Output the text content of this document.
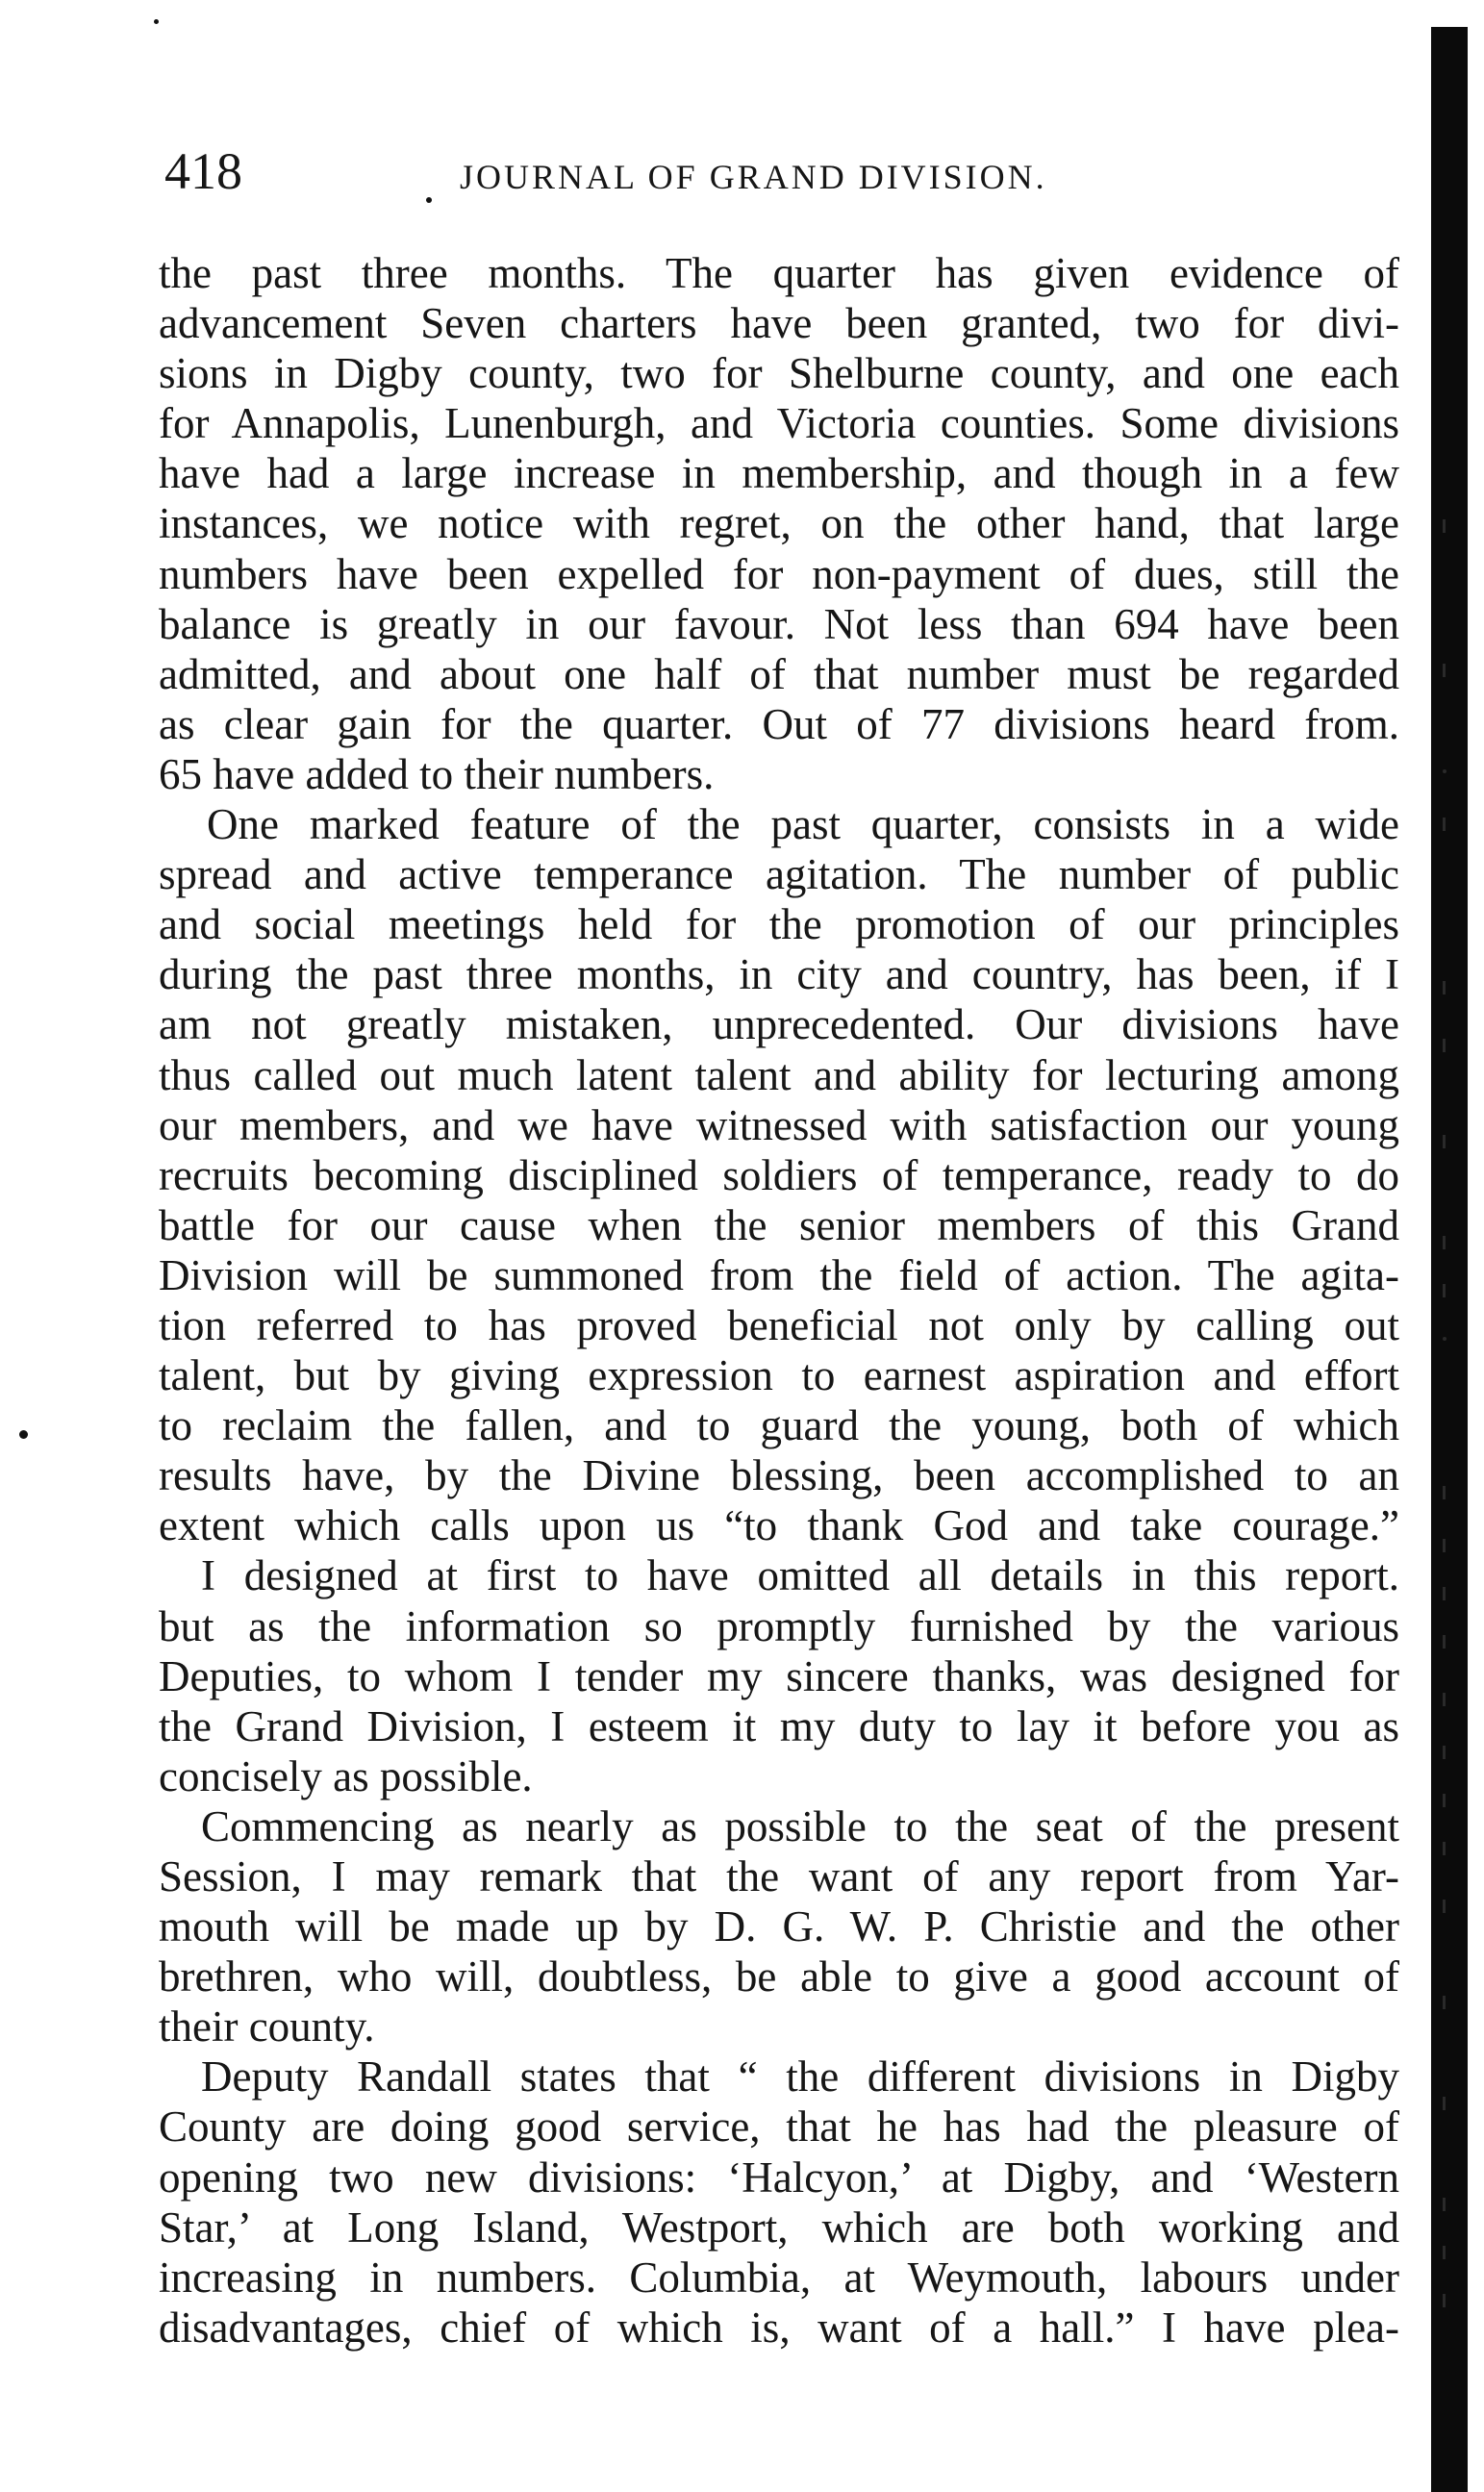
418	JOURNAL OF GRAND DIVISION.
the past three months. The quarter has given evidence of
advancement Seven charters have been granted, two for divi-
sions in Digby county, two for Shelburne county, and one each
for Annapolis, Lunenburgh, and Victoria counties. Some divisions
have had a large increase in membership, and though in a few
instances, we notice with regret, on the other hand, that large
numbers have been expelled for non-payment of dues, still the
balance is greatly in our favour. Not less than 694 have been
admitted, and about one half of that number must be regarded
as clear gain for the quarter. Out of 77 divisions heard from.
65 have added to their numbers.
One marked feature of the past quarter, consists in a wide
spread and active temperance agitation. The number of public
and social meetings held for the promotion of our principles
during the past three months, in city and country, has been, if I
am not greatly mistaken, unprecedented. Our divisions have
thus called out much latent talent and ability for lecturing among
our members, and we have witnessed with satisfaction our young
recruits becoming disciplined soldiers of temperance, ready to do
battle for our cause when the senior members of this Grand
Division will be summoned from the field of action. The agita-
tion referred to has proved beneficial not only by calling out
talent, but by giving expression to earnest aspiration and effort
to reclaim the fallen, and to guard the young, both of which
results have, by the Divine blessing, been accomplished to an
extent which calls upon us “to thank God and take courage.”
I designed at first to have omitted all details in this report.
but as the information so promptly furnished by the various
Deputies, to whom I tender my sincere thanks, was designed for
the Grand Division, I esteem it my duty to lay it before you as
concisely as possible.
Commencing as nearly as possible to the seat of the present
Session, I may remark that the want of any report from Yar-
mouth will be made up by D. G. W. P. Christie and the other
brethren, who will, doubtless, be able to give a good account of
their county.
Deputy Randall states that “ the different divisions in Digby
County are doing good service, that he has had the pleasure of
opening two new divisions: ‘Halcyon,’ at Digby, and ‘Western
Star,’ at Long Island, Westport, which are both working and
increasing in numbers. Columbia, at Weymouth, labours under
disadvantages, chief of which is, want of a hall.” I have plea-
